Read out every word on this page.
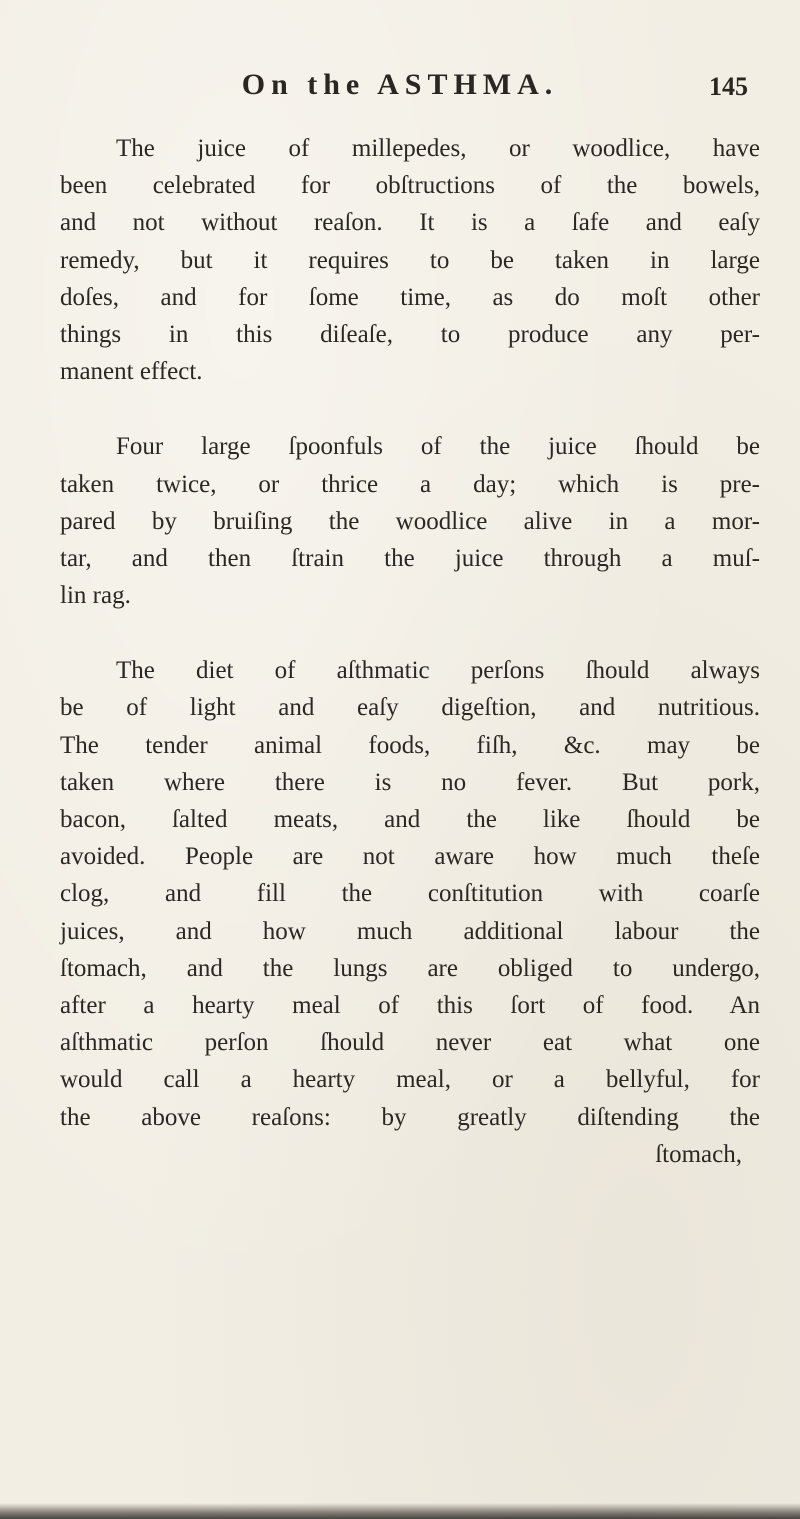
On the ASTHMA.	145
The juice of millepedes, or woodlice, have
been celebrated for obſtructions of the bowels,
and not without reaſon. It is a ſafe and eaſy
remedy, but it requires to be taken in large
doſes, and for ſome time, as do moſt other
things in this diſeaſe, to produce any per-
manent effect.
Four large ſpoonfuls of the juice ſhould be
taken twice, or thrice a day; which is pre-
pared by bruiſing the woodlice alive in a mor-
tar, and then ſtrain the juice through a muſ-
lin rag.
The diet of aſthmatic perſons ſhould always
be of light and eaſy digeſtion, and nutritious.
The tender animal foods, fiſh, &c. may be
taken where there is no fever. But pork,
bacon, ſalted meats, and the like ſhould be
avoided. People are not aware how much theſe
clog, and fill the conſtitution with coarſe
juices, and how much additional labour the
ſtomach, and the lungs are obliged to undergo,
after a hearty meal of this ſort of food. An
aſthmatic perſon ſhould never eat what one
would call a hearty meal, or a bellyful, for
the above reaſons: by greatly diſtending the
ſtomach,
